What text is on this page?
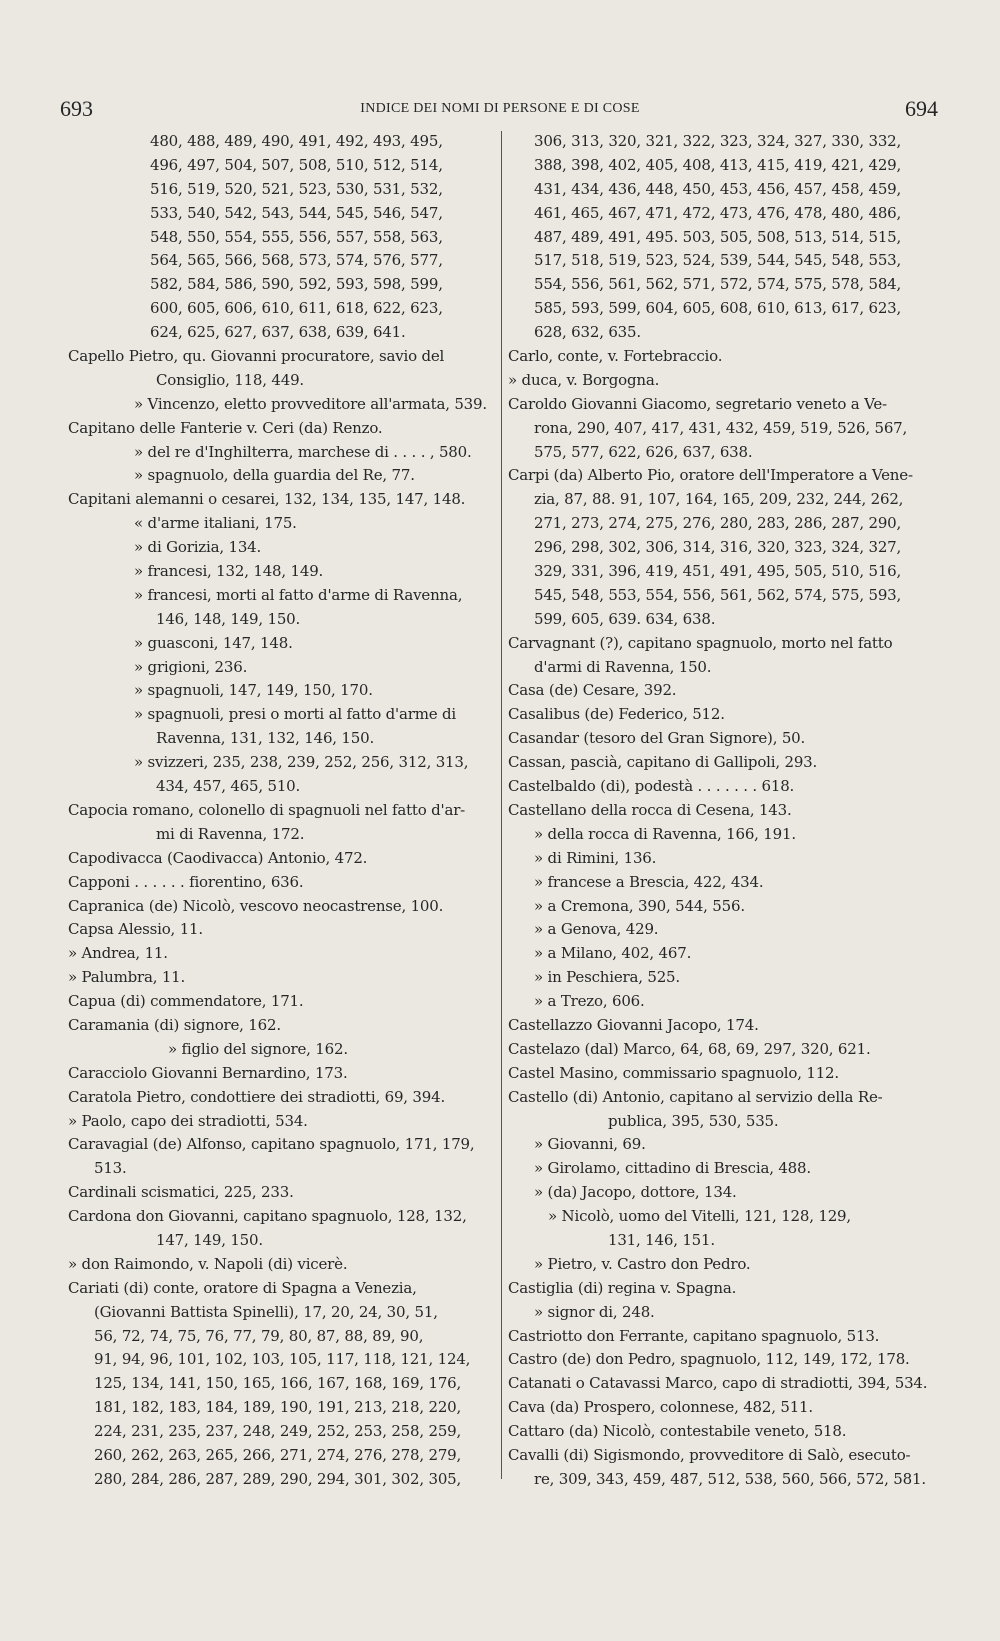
693	INDICE DEI NOMI DI PERSONE E DI COSE	694
480, 488, 489, 490, 491, 492, 493, 495,
496, 497, 504, 507, 508, 510, 512, 514,
516, 519, 520, 521, 523, 530, 531, 532,
533, 540, 542, 543, 544, 545, 546, 547,
548, 550, 554, 555, 556, 557, 558, 563,
564, 565, 566, 568, 573, 574, 576, 577,
582, 584, 586, 590, 592, 593, 598, 599,
600, 605, 606, 610, 611, 618, 622, 623,
624, 625, 627, 637, 638, 639, 641.
Capello Pietro, qu. Giovanni procuratore, savio del
Consiglio, 118, 449.
» Vincenzo, eletto provveditore all'armata, 539.
Capitano delle Fanterie v. Ceri (da) Renzo.
» del re d'Inghilterra, marchese di . . . . , 580.
» spagnuolo, della guardia del Re, 77.
Capitani alemanni o cesarei, 132, 134, 135, 147, 148.
« d'arme italiani, 175.
» di Gorizia, 134.
» francesi, 132, 148, 149.
» francesi, morti al fatto d'arme di Ravenna,
146, 148, 149, 150.
» guasconi, 147, 148.
» grigioni, 236.
» spagnuoli, 147, 149, 150, 170.
» spagnuoli, presi o morti al fatto d'arme di
Ravenna, 131, 132, 146, 150.
» svizzeri, 235, 238, 239, 252, 256, 312, 313,
434, 457, 465, 510.
Capocia romano, colonello di spagnuoli nel fatto d'ar-
mi di Ravenna, 172.
Capodivacca (Caodivacca) Antonio, 472.
Capponi . . . . . . fiorentino, 636.
Capranica (de) Nicolò, vescovo neocastrense, 100.
Capsa Alessio, 11.
» Andrea, 11.
» Palumbra, 11.
Capua (di) commendatore, 171.
Caramania (di) signore, 162.
» figlio del signore, 162.
Caracciolo Giovanni Bernardino, 173.
Caratola Pietro, condottiere dei stradiotti, 69, 394.
» Paolo, capo dei stradiotti, 534.
Caravagial (de) Alfonso, capitano spagnuolo, 171, 179,
513.
Cardinali scismatici, 225, 233.
Cardona don Giovanni, capitano spagnuolo, 128, 132,
147, 149, 150.
» don Raimondo, v. Napoli (di) vicerè.
Cariati (di) conte, oratore di Spagna a Venezia,
(Giovanni Battista Spinelli), 17, 20, 24, 30, 51,
56, 72, 74, 75, 76, 77, 79, 80, 87, 88, 89, 90,
91, 94, 96, 101, 102, 103, 105, 117, 118, 121, 124,
125, 134, 141, 150, 165, 166, 167, 168, 169, 176,
181, 182, 183, 184, 189, 190, 191, 213, 218, 220,
224, 231, 235, 237, 248, 249, 252, 253, 258, 259,
260, 262, 263, 265, 266, 271, 274, 276, 278, 279,
280, 284, 286, 287, 289, 290, 294, 301, 302, 305,
306, 313, 320, 321, 322, 323, 324, 327, 330, 332,
388, 398, 402, 405, 408, 413, 415, 419, 421, 429,
431, 434, 436, 448, 450, 453, 456, 457, 458, 459,
461, 465, 467, 471, 472, 473, 476, 478, 480, 486,
487, 489, 491, 495. 503, 505, 508, 513, 514, 515,
517, 518, 519, 523, 524, 539, 544, 545, 548, 553,
554, 556, 561, 562, 571, 572, 574, 575, 578, 584,
585, 593, 599, 604, 605, 608, 610, 613, 617, 623,
628, 632, 635.
Carlo, conte, v. Fortebraccio.
» duca, v. Borgogna.
Caroldo Giovanni Giacomo, segretario veneto a Ve-
rona, 290, 407, 417, 431, 432, 459, 519, 526, 567,
575, 577, 622, 626, 637, 638.
Carpi (da) Alberto Pio, oratore dell'Imperatore a Vene-
zia, 87, 88. 91, 107, 164, 165, 209, 232, 244, 262,
271, 273, 274, 275, 276, 280, 283, 286, 287, 290,
296, 298, 302, 306, 314, 316, 320, 323, 324, 327,
329, 331, 396, 419, 451, 491, 495, 505, 510, 516,
545, 548, 553, 554, 556, 561, 562, 574, 575, 593,
599, 605, 639. 634, 638.
Carvagnant (?), capitano spagnuolo, morto nel fatto
d'armi di Ravenna, 150.
Casa (de) Cesare, 392.
Casalibus (de) Federico, 512.
Casandar (tesoro del Gran Signore), 50.
Cassan, pascià, capitano di Gallipoli, 293.
Castelbaldo (di), podestà . . . . . . . 618.
Castellano della rocca di Cesena, 143.
» della rocca di Ravenna, 166, 191.
» di Rimini, 136.
» francese a Brescia, 422, 434.
» a Cremona, 390, 544, 556.
» a Genova, 429.
» a Milano, 402, 467.
» in Peschiera, 525.
» a Trezo, 606.
Castellazzo Giovanni Jacopo, 174.
Castelazo (dal) Marco, 64, 68, 69, 297, 320, 621.
Castel Masino, commissario spagnuolo, 112.
Castello (di) Antonio, capitano al servizio della Re-
publica, 395, 530, 535.
» Giovanni, 69.
» Girolamo, cittadino di Brescia, 488.
» (da) Jacopo, dottore, 134.
» Nicolò, uomo del Vitelli, 121, 128, 129,
131, 146, 151.
» Pietro, v. Castro don Pedro.
Castiglia (di) regina v. Spagna.
» signor di, 248.
Castriotto don Ferrante, capitano spagnuolo, 513.
Castro (de) don Pedro, spagnuolo, 112, 149, 172, 178.
Catanati o Catavassi Marco, capo di stradiotti, 394, 534.
Cava (da) Prospero, colonnese, 482, 511.
Cattaro (da) Nicolò, contestabile veneto, 518.
Cavalli (di) Sigismondo, provveditore di Salò, esecuto-
re, 309, 343, 459, 487, 512, 538, 560, 566, 572, 581.
